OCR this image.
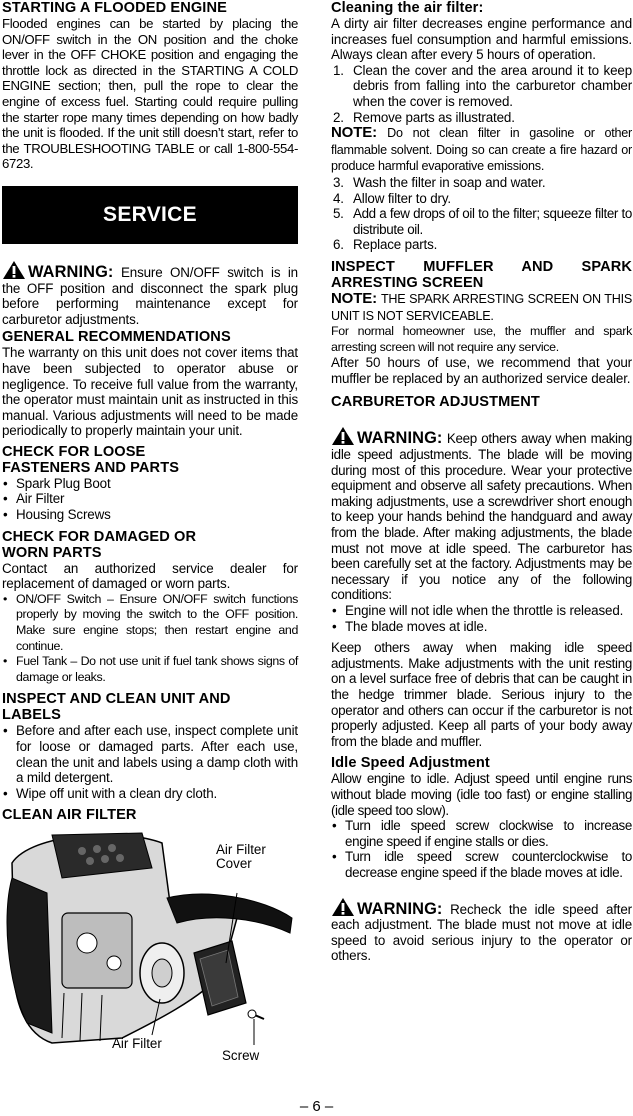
STARTING A FLOODED ENGINE

Flooded engines can be started by placing the ON/OFF switch in the ON position and the choke lever in the OFF CHOKE position and engaging the throttle lock as directed in the STARTING A COLD ENGINE section; then, pull the rope to clear the engine of excess fuel. Starting could require pulling the starter rope many times depending on how badly the unit is flooded. If the unit still doesn’t start, refer to the TROUBLESHOOTING TABLE or call 1-800-554-6723.

SERVICE

WARNING: Ensure ON/OFF switch is in the OFF position and disconnect the spark plug before performing maintenance except for carburetor adjustments.

GENERAL RECOMMENDATIONS

The warranty on this unit does not cover items that have been subjected to operator abuse or negligence. To receive full value from the warranty, the operator must maintain unit as instructed in this manual. Various adjustments will need to be made periodically to properly maintain your unit.

CHECK FOR LOOSE
FASTENERS AND PARTS
• Spark Plug Boot
• Air Filter
• Housing Screws
CHECK FOR DAMAGED OR
WORN PARTS

Contact an authorized service dealer for replacement of damaged or worn parts.

• ON/OFF Switch – Ensure ON/OFF switch functions properly by moving the switch to the OFF position. Make sure engine stops; then restart engine and continue.
• Fuel Tank – Do not use unit if fuel tank shows signs of damage or leaks.
INSPECT AND CLEAN UNIT AND
LABELS
• Before and after each use, inspect complete unit for loose or damaged parts. After each use, clean the unit and labels using a damp cloth with a mild detergent.
• Wipe off unit with a clean dry cloth.
CLEAN AIR FILTER
Air Filter
Cover
Air Filter
Screw
Cleaning the air filter:

A dirty air filter decreases engine performance and increases fuel consumption and harmful emissions. Always clean after every 5 hours of operation.

1. Clean the cover and the area around it to keep debris from falling into the carburetor chamber when the cover is removed.
2. Remove parts as illustrated.

NOTE: Do not clean filter in gasoline or other flammable solvent. Doing so can create a fire hazard or produce harmful evaporative emissions.

3. Wash the filter in soap and water.
4. Allow filter to dry.
5. Add a few drops of oil to the filter; squeeze filter to distribute oil.
6. Replace parts.
INSPECT MUFFLER AND SPARK ARRESTING SCREEN

NOTE: THE SPARK ARRESTING SCREEN ON THIS UNIT IS NOT SERVICEABLE.

For normal homeowner use, the muffler and spark arresting screen will not require any service.

After 50 hours of use, we recommend that your muffler be replaced by an authorized service dealer.

CARBURETOR ADJUSTMENT

WARNING: Keep others away when making idle speed adjustments. The blade will be moving during most of this procedure. Wear your protective equipment and observe all safety precautions. When making adjustments, use a screwdriver short enough to keep your hands behind the handguard and away from the blade. After making adjustments, the blade must not move at idle speed. The carburetor has been carefully set at the factory. Adjustments may be necessary if you notice any of the following conditions:

• Engine will not idle when the throttle is released.
• The blade moves at idle.

Keep others away when making idle speed adjustments. Make adjustments with the unit resting on a level surface free of debris that can be caught in the hedge trimmer blade. Serious injury to the operator and others can occur if the carburetor is not properly adjusted. Keep all parts of your body away from the blade and muffler.

Idle Speed Adjustment

Allow engine to idle. Adjust speed until engine runs without blade moving (idle too fast) or engine stalling (idle speed too slow).

• Turn idle speed screw clockwise to increase engine speed if engine stalls or dies.
• Turn idle speed screw counterclockwise to decrease engine speed if the blade moves at idle.

WARNING: Recheck the idle speed after each adjustment. The blade must not move at idle speed to avoid serious injury to the operator or others.

– 6 –
